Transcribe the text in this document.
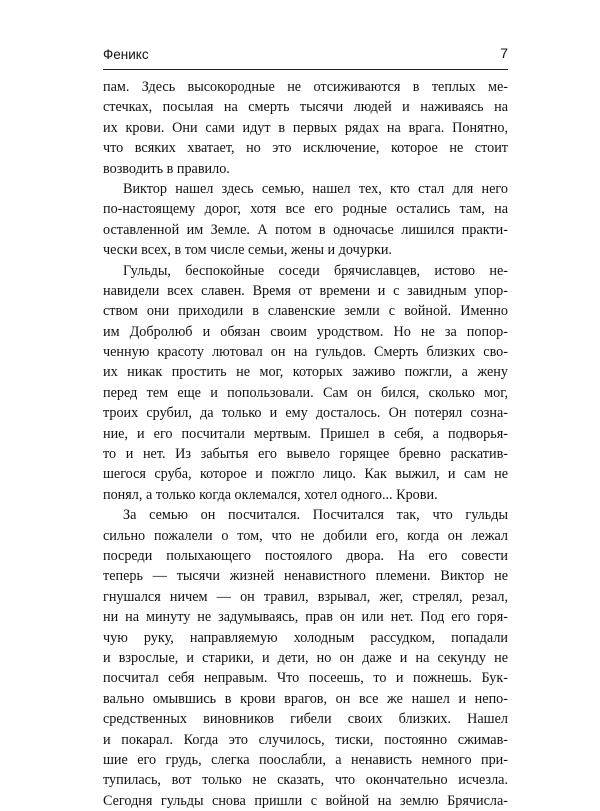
Феникс	7

пам. Здесь высокородные не отсиживаются в теплых ме-
стечках, посылая на смерть тысячи людей и наживаясь на
их крови. Они сами идут в первых рядах на врага. Понятно,
что всяких хватает, но это исключение, которое не стоит
возводить в правило.

Виктор нашел здесь семью, нашел тех, кто стал для него
по-настоящему дорог, хотя все его родные остались там, на
оставленной им Земле. А потом в одночасье лишился практи-
чески всех, в том числе семьи, жены и дочурки.

Гульды, беспокойные соседи брячиславцев, истово не-
навидели всех славен. Время от времени и с завидным упор-
ством они приходили в славенские земли с войной. Именно
им Добролюб и обязан своим уродством. Но не за попор-
ченную красоту лютовал он на гульдов. Смерть близких сво-
их никак простить не мог, которых заживо пожгли, а жену
перед тем еще и попользовали. Сам он бился, сколько мог,
троих срубил, да только и ему досталось. Он потерял созна-
ние, и его посчитали мертвым. Пришел в себя, а подворья-
то и нет. Из забытья его вывело горящее бревно раскатив-
шегося сруба, которое и пожгло лицо. Как выжил, и сам не
понял, а только когда оклемался, хотел одного... Крови.

За семью он посчитался. Посчитался так, что гульды
сильно пожалели о том, что не добили его, когда он лежал
посреди полыхающего постоялого двора. На его совести
теперь — тысячи жизней ненавистного племени. Виктор не
гнушался ничем — он травил, взрывал, жег, стрелял, резал,
ни на минуту не задумываясь, прав он или нет. Под его горя-
чую руку, направляемую холодным рассудком, попадали
и взрослые, и старики, и дети, но он даже и на секунду не
посчитал себя неправым. Что посеешь, то и пожнешь. Бук-
вально омывшись в крови врагов, он все же нашел и непо-
средственных виновников гибели своих близких. Нашел
и покарал. Когда это случилось, тиски, постоянно сжимав-
шие его грудь, слегка поослабли, а ненависть немного при-
тупилась, вот только не сказать, что окончательно исчезла.
Сегодня гульды снова пришли с войной на землю Брячисла-
